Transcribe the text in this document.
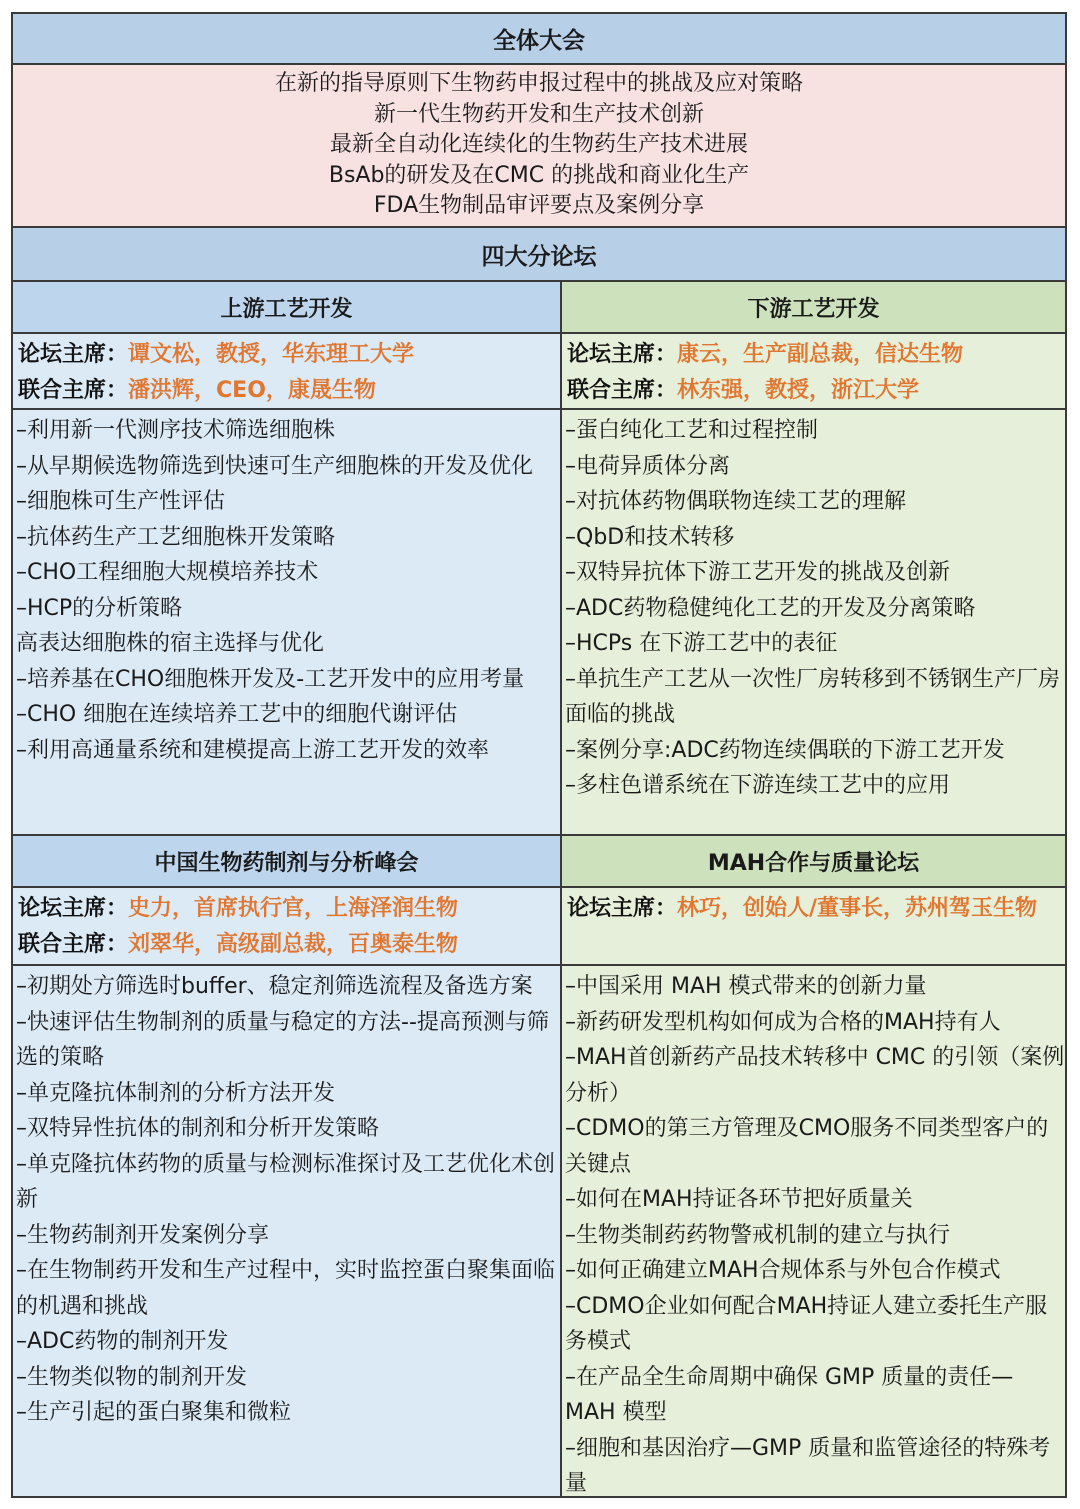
全体大会
在新的指导原则下生物药申报过程中的挑战及应对策略
新一代生物药开发和生产技术创新
最新全自动化连续化的生物药生产技术进展
BsAb的研发及在CMC 的挑战和商业化生产
FDA生物制品审评要点及案例分享
四大分论坛
上游工艺开发
论坛主席：谭文松，教授，华东理工大学
联合主席：潘洪辉，CEO，康晟生物
–利用新一代测序技术筛选细胞株
–从早期候选物筛选到快速可生产细胞株的开发及优化
–细胞株可生产性评估
–抗体药生产工艺细胞株开发策略
–CHO工程细胞大规模培养技术
–HCP的分析策略
高表达细胞株的宿主选择与优化
–培养基在CHO细胞株开发及-工艺开发中的应用考量
–CHO 细胞在连续培养工艺中的细胞代谢评估
–利用高通量系统和建模提高上游工艺开发的效率
下游工艺开发
论坛主席：康云，生产副总裁，信达生物
联合主席：林东强，教授，浙江大学
–蛋白纯化工艺和过程控制
–电荷异质体分离
–对抗体药物偶联物连续工艺的理解
–QbD和技术转移
–双特异抗体下游工艺开发的挑战及创新
–ADC药物稳健纯化工艺的开发及分离策略
–HCPs 在下游工艺中的表征
–单抗生产工艺从一次性厂房转移到不锈钢生产厂房面临的挑战
–案例分享:ADC药物连续偶联的下游工艺开发
–多柱色谱系统在下游连续工艺中的应用
中国生物药制剂与分析峰会
论坛主席：史力，首席执行官，上海泽润生物
联合主席：刘翠华，高级副总裁，百奥泰生物
–初期处方筛选时buffer、稳定剂筛选流程及备选方案
–快速评估生物制剂的质量与稳定的方法--提高预测与筛选的策略
–单克隆抗体制剂的分析方法开发
–双特异性抗体的制剂和分析开发策略
–单克隆抗体药物的质量与检测标准探讨及工艺优化术创新
–生物药制剂开发案例分享
–在生物制药开发和生产过程中，实时监控蛋白聚集面临的机遇和挑战
–ADC药物的制剂开发
–生物类似物的制剂开发
–生产引起的蛋白聚集和微粒
MAH合作与质量论坛
论坛主席：林巧，创始人/董事长，苏州驾玉生物
–中国采用 MAH 模式带来的创新力量
–新药研发型机构如何成为合格的MAH持有人
–MAH首创新药产品技术转移中 CMC 的引领（案例分析）
–CDMO的第三方管理及CMO服务不同类型客户的关键点
–如何在MAH持证各环节把好质量关
–生物类制药药物警戒机制的建立与执行
–如何正确建立MAH合规体系与外包合作模式
–CDMO企业如何配合MAH持证人建立委托生产服务模式
–在产品全生命周期中确保 GMP 质量的责任— MAH 模型
–细胞和基因治疗—GMP 质量和监管途径的特殊考量
